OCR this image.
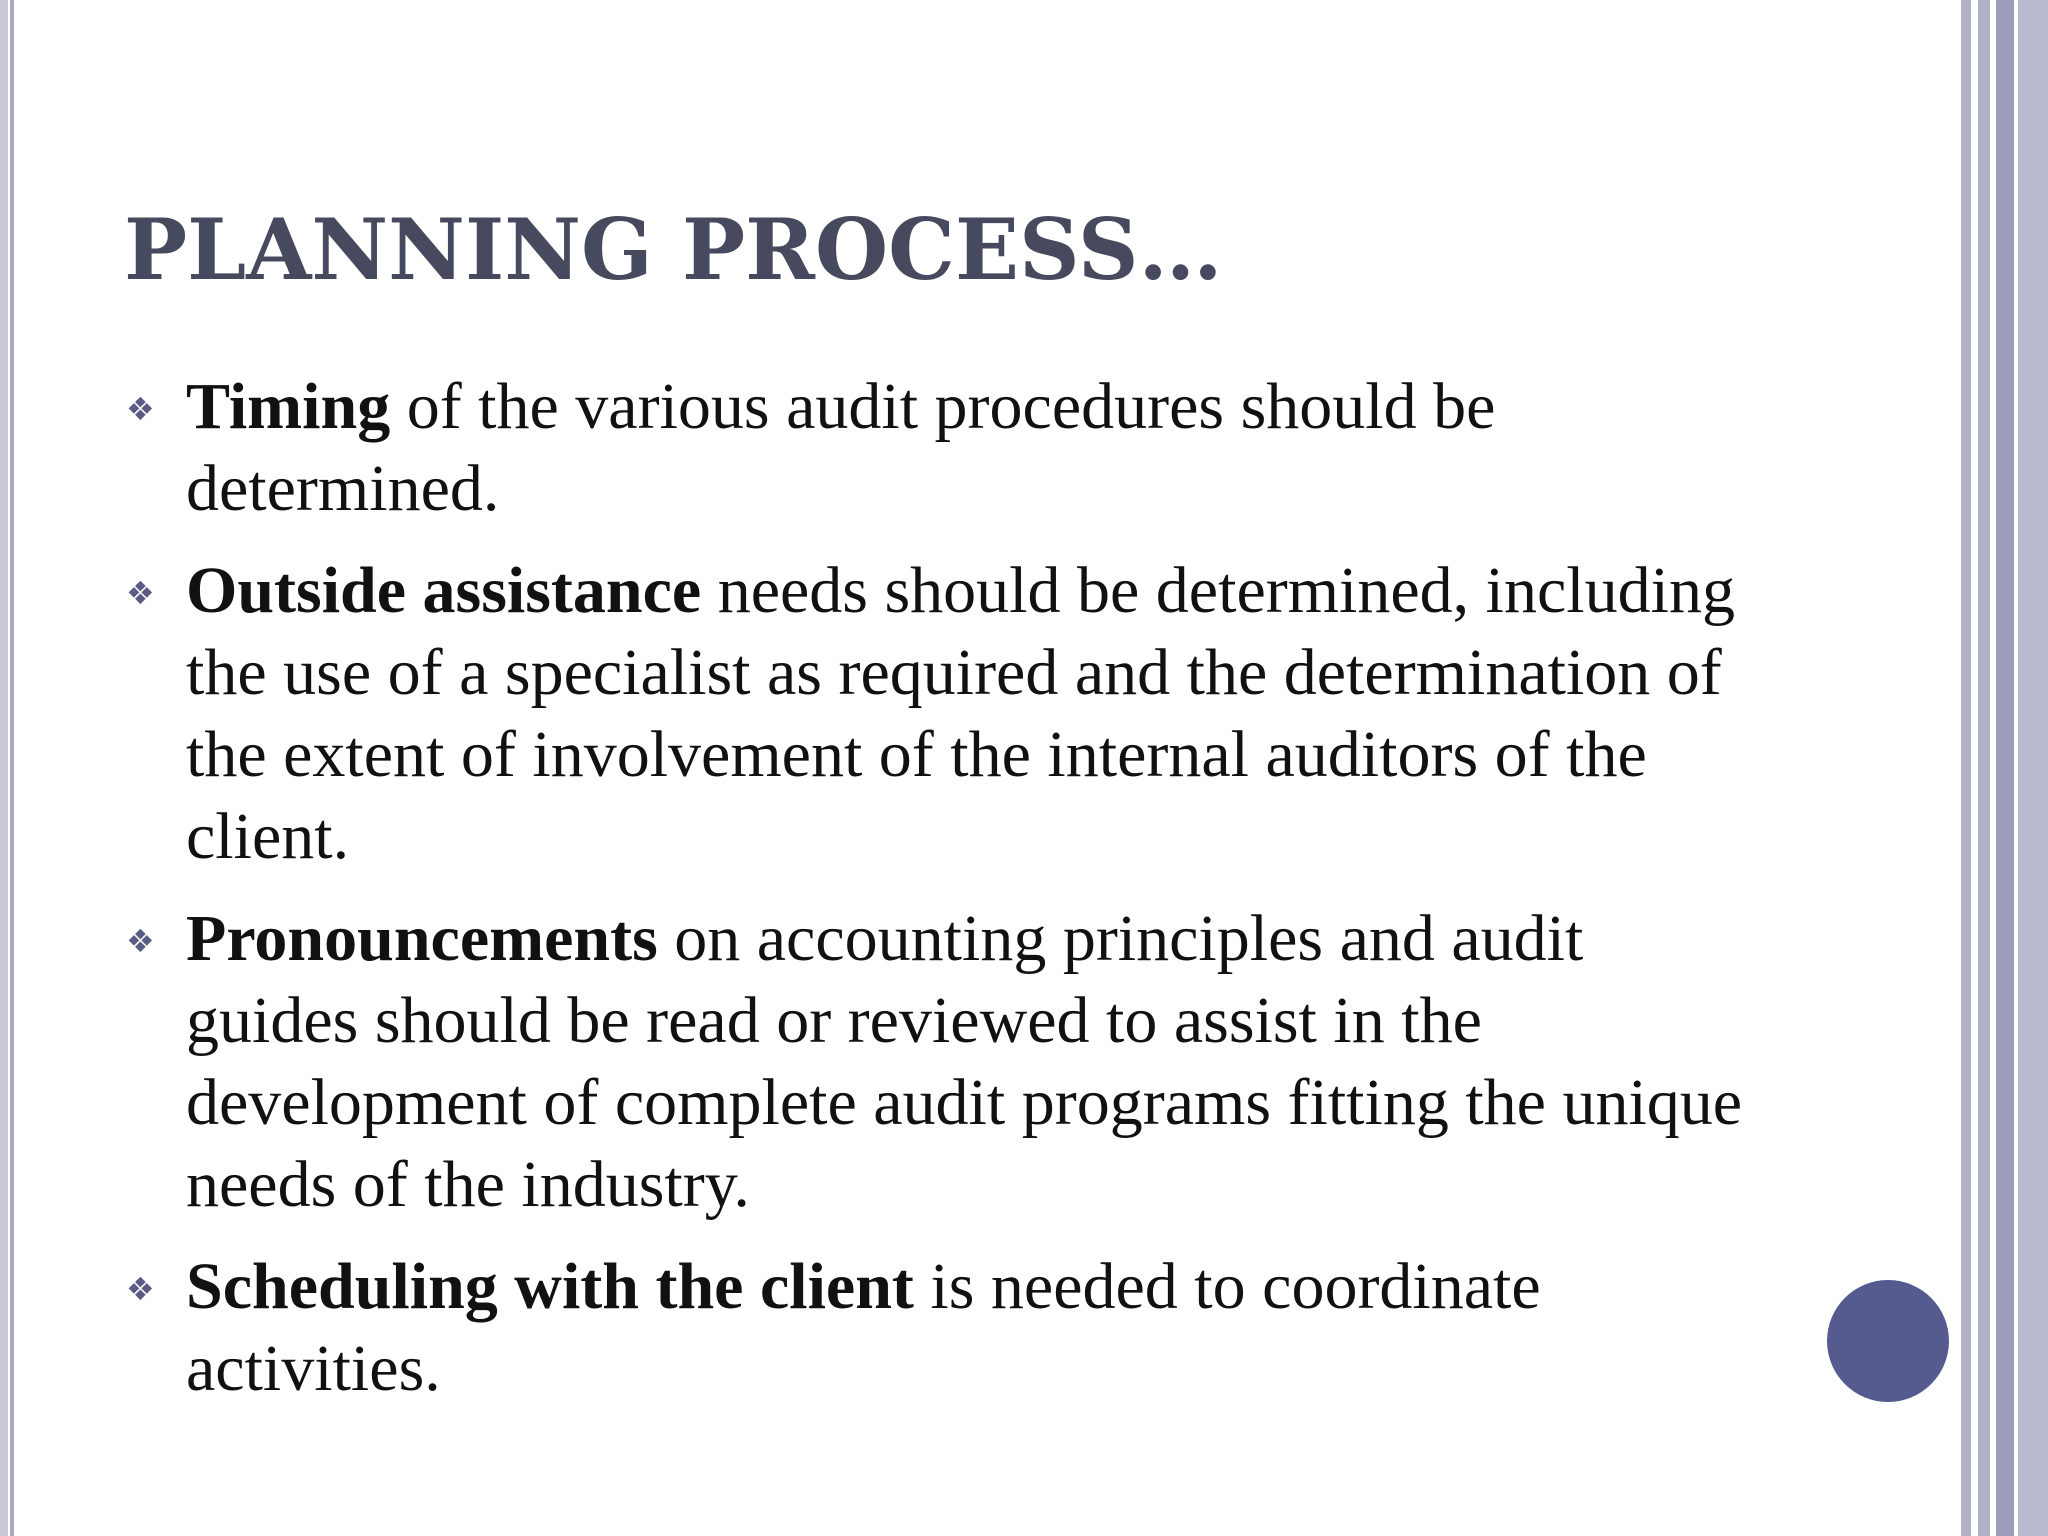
PLANNING PROCESS…
❖ Timing of the various audit procedures should be determined.
❖ Outside assistance needs should be determined, including the use of a specialist as required and the determination of the extent of involvement of the internal auditors of the client.
❖ Pronouncements on accounting principles and audit guides should be read or reviewed to assist in the development of complete audit programs fitting the unique needs of the industry.
❖ Scheduling with the client is needed to coordinate activities.
